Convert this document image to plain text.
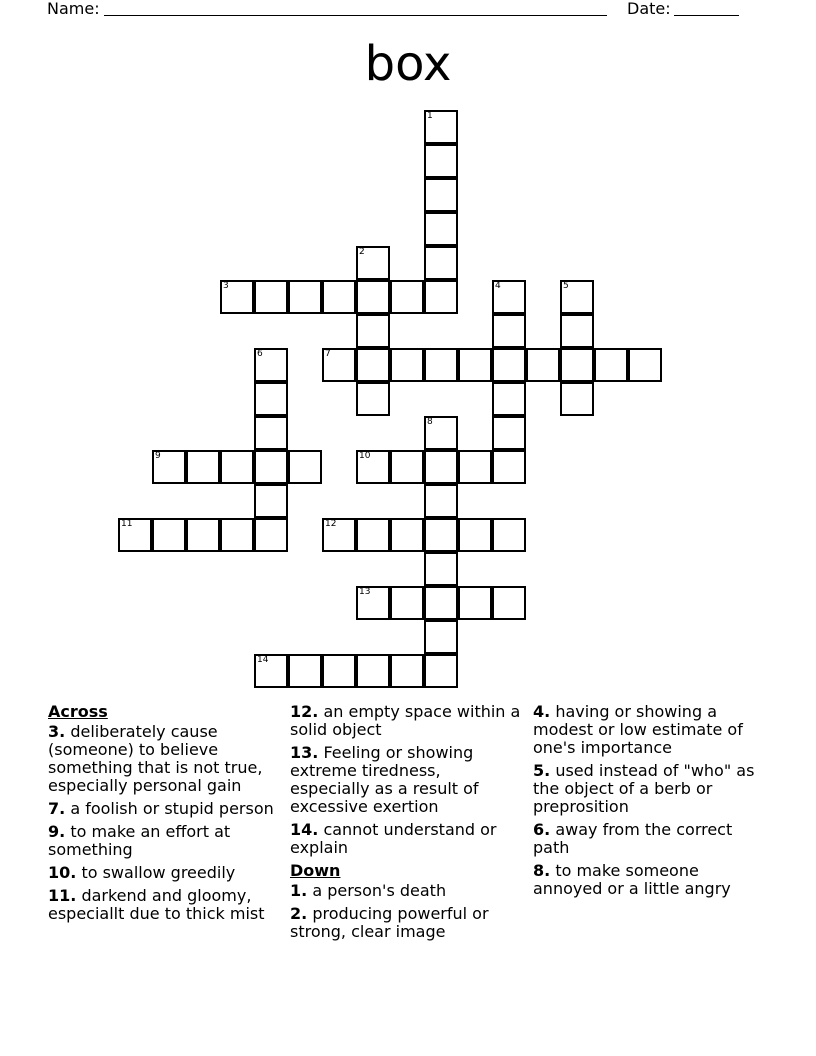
Name:	Date:
box
1
2
3	4	5
6	7
8
9	10
11	12
13
14
Across
3. deliberately cause (someone) to believe something that is not true, especially personal gain
7. a foolish or stupid person
9. to make an effort at something
10. to swallow greedily
11. darkend and gloomy, especiallt due to thick mist
12. an empty space within a solid object
13. Feeling or showing extreme tiredness, especially as a result of excessive exertion
14. cannot understand or explain
Down
1. a person's death
2. producing powerful or strong, clear image
4. having or showing a modest or low estimate of one's importance
5. used instead of "who" as the object of a berb or preprosition
6. away from the correct path
8. to make someone annoyed or a little angry
